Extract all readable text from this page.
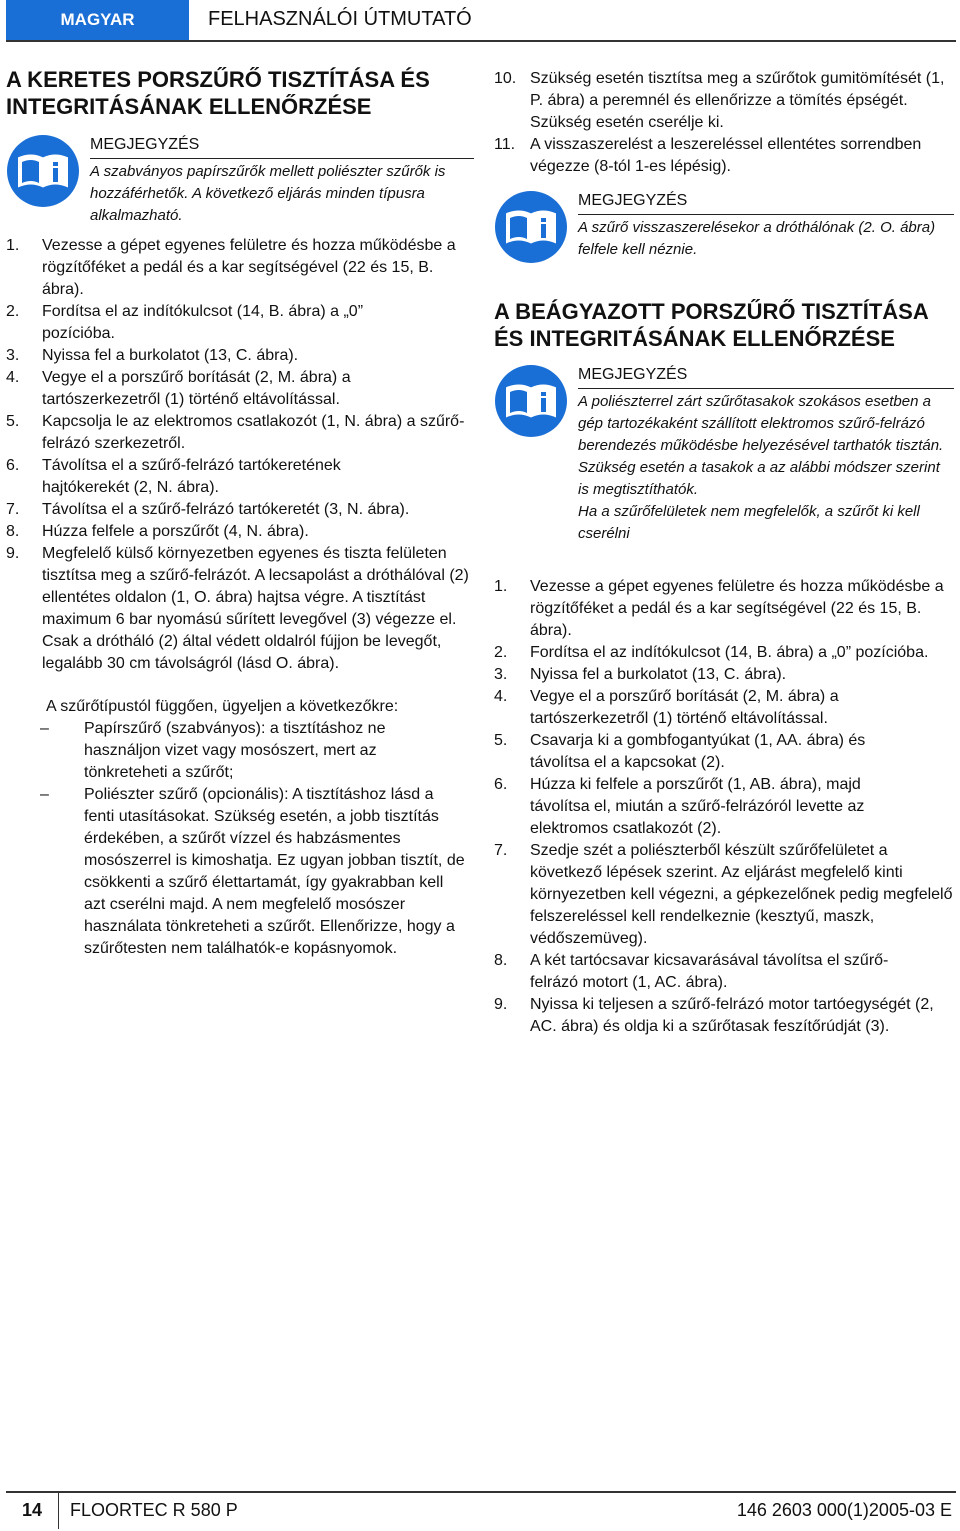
MAGYAR	FELHASZNÁLÓI ÚTMUTATÓ
A KERETES PORSZŰRŐ TISZTÍTÁSA ÉS
INTEGRITÁSÁNAK ELLENŐRZÉSE
MEGJEGYZÉS
A szabványos papírszűrők mellett poliészter szűrők is hozzáférhetők. A következő eljárás minden típusra alkalmazható.
1. Vezesse a gépet egyenes felületre és hozza működésbe a rögzítőféket a pedál és a kar segítségével (22 és 15, B. ábra).
2. Fordítsa el az indítókulcsot (14, B. ábra) a „0” pozícióba.
3. Nyissa fel a burkolatot (13, C. ábra).
4. Vegye el a porszűrő borítását (2, M. ábra) a tartószerkezetről (1) történő eltávolítással.
5. Kapcsolja le az elektromos csatlakozót (1, N. ábra) a szűrő-felrázó szerkezetről.
6. Távolítsa el a szűrő-felrázó tartókeretének hajtókerekét (2, N. ábra).
7. Távolítsa el a szűrő-felrázó tartókeretét (3, N. ábra).
8. Húzza felfele a porszűrőt (4, N. ábra).
9. Megfelelő külső környezetben egyenes és tiszta felületen tisztítsa meg a szűrő-felrázót. A lecsapolást a dróthálóval (2) ellentétes oldalon (1, O. ábra) hajtsa végre. A tisztítást maximum 6 bar nyomású sűrített levegővel (3) végezze el. Csak a drótháló (2) által védett oldalról fújjon be levegőt, legalább 30 cm távolságról (lásd O. ábra).
A szűrőtípustól függően, ügyeljen a következőkre:
– Papírszűrő (szabványos): a tisztításhoz ne használjon vizet vagy mosószert, mert az tönkreteheti a szűrőt;
– Poliészter szűrő (opcionális): A tisztításhoz lásd a fenti utasításokat. Szükség esetén, a jobb tisztítás érdekében, a szűrőt vízzel és habzásmentes mosószerrel is kimoshatja. Ez ugyan jobban tisztít, de csökkenti a szűrő élettartamát, így gyakrabban kell azt cserélni majd. A nem megfelelő mosószer használata tönkreteheti a szűrőt. Ellenőrizze, hogy a szűrőtesten nem találhatók-e kopásnyomok.
10. Szükség esetén tisztítsa meg a szűrőtok gumitömítését (1, P. ábra) a peremnél és ellenőrizze a tömítés épségét. Szükség esetén cserélje ki.
11. A visszaszerelést a leszereléssel ellentétes sorrendben végezze (8-tól 1-es lépésig).
MEGJEGYZÉS
A szűrő visszaszerelésekor a dróthálónak (2. O. ábra) felfele kell néznie.
A BEÁGYAZOTT PORSZŰRŐ TISZTÍTÁSA
ÉS INTEGRITÁSÁNAK ELLENŐRZÉSE
MEGJEGYZÉS
A poliészterrel zárt szűrőtasakok szokásos esetben a gép tartozékaként szállított elektromos szűrő-felrázó berendezés működésbe helyezésével tarthatók tisztán. Szükség esetén a tasakok a az alábbi módszer szerint is megtisztíthatók.
Ha a szűrőfelületek nem megfelelők, a szűrőt ki kell cserélni
1. Vezesse a gépet egyenes felületre és hozza működésbe a rögzítőféket a pedál és a kar segítségével (22 és 15, B. ábra).
2. Fordítsa el az indítókulcsot (14, B. ábra) a „0” pozícióba.
3. Nyissa fel a burkolatot (13, C. ábra).
4. Vegye el a porszűrő borítását (2, M. ábra) a tartószerkezetről (1) történő eltávolítással.
5. Csavarja ki a gombfogantyúkat (1, AA. ábra) és távolítsa el a kapcsokat (2).
6. Húzza ki felfele a porszűrőt (1, AB. ábra), majd távolítsa el, miután a szűrő-felrázóról levette az elektromos csatlakozót (2).
7. Szedje szét a poliészterből készült szűrőfelületet a következő lépések szerint. Az eljárást megfelelő kinti környezetben kell végezni, a gépkezelőnek pedig megfelelő felszereléssel kell rendelkeznie (kesztyű, maszk, védőszemüveg).
8. A két tartócsavar kicsavarásával távolítsa el szűrő-felrázó motort (1, AC. ábra).
9. Nyissa ki teljesen a szűrő-felrázó motor tartóegységét (2, AC. ábra) és oldja ki a szűrőtasak feszítőrúdját (3).
14 FLOORTEC R 580 P	146 2603 000(1)2005-03 E
